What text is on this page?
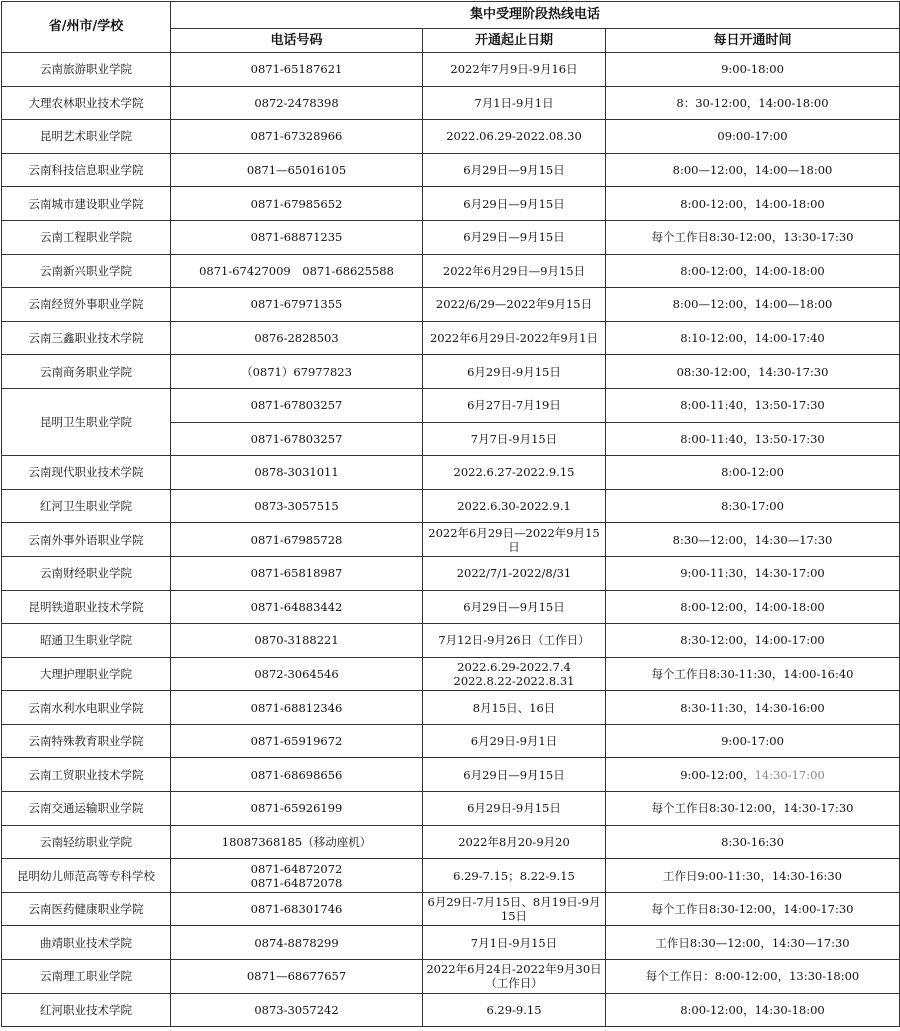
省/州市/学校	集中受理阶段热线电话		
	电话号码	开通起止日期	每日开通时间
云南旅游职业学院	0871-65187621	2022年7月9日-9月16日	9:00-18:00
大理农林职业技术学院	0872-2478398	7月1日-9月1日	8：30-12:00，14:00-18:00
昆明艺术职业学院	0871-67328966	2022.06.29-2022.08.30	09:00-17:00
云南科技信息职业学院	0871—65016105	6月29日—9月15日	8:00—12:00，14:00—18:00
云南城市建设职业学院	0871-67985652	6月29日—9月15日	8:00-12:00，14:00-18:00
云南工程职业学院	0871-68871235	6月29日—9月15日	每个工作日8:30-12:00，13:30-17:30
云南新兴职业学院	0871-67427009　0871-68625588	2022年6月29日—9月15日	8:00-12:00，14:00-18:00
云南经贸外事职业学院	0871-67971355	2022/6/29—2022年9月15日	8:00—12:00，14:00—18:00
云南三鑫职业技术学院	0876-2828503	2022年6月29日-2022年9月1日	8:10-12:00，14:00-17:40
云南商务职业学院	（0871）67977823	6月29日-9月15日	08:30-12:00，14:30-17:30
昆明卫生职业学院	0871-67803257	6月27日-7月19日	8:00-11:40，13:50-17:30
	0871-67803257	7月7日-9月15日	8:00-11:40，13:50-17:30
云南现代职业技术学院	0878-3031011	2022.6.27-2022.9.15	8:00-12:00
红河卫生职业学院	0873-3057515	2022.6.30-2022.9.1	8:30-17:00
云南外事外语职业学院	0871-67985728	2022年6月29日—2022年9月15日	8:30—12:00，14:30—17:30
云南财经职业学院	0871-65818987	2022/7/1-2022/8/31	9:00-11:30，14:30-17:00
昆明铁道职业技术学院	0871-64883442	6月29日—9月15日	8:00-12:00，14:00-18:00
昭通卫生职业学院	0870-3188221	7月12日-9月26日（工作日）	8:30-12:00，14:00-17:00
大理护理职业学院	0872-3064546	2022.6.29-2022.7.4
2022.8.22-2022.8.31	每个工作日8:30-11:30，14:00-16:40
云南水利水电职业学院	0871-68812346	8月15日、16日	8:30-11:30，14:30-16:00
云南特殊教育职业学院	0871-65919672	6月29日-9月1日	9:00-17:00
云南工贸职业技术学院	0871-68698656	6月29日—9月15日	9:00-12:00，14:30-17:00
云南交通运输职业学院	0871-65926199	6月29日-9月15日	每个工作日8:30-12:00，14:30-17:30
云南轻纺职业学院	18087368185（移动座机）	2022年8月20-9月20	8:30-16:30
昆明幼儿师范高等专科学校	0871-64872072
0871-64872078	6.29-7.15；8.22-9.15	工作日9:00-11:30，14:30-16:30
云南医药健康职业学院	0871-68301746	6月29日-7月15日、8月19日-9月15日	每个工作日8:30-12:00，14:00-17:30
曲靖职业技术学院	0874-8878299	7月1日-9月15日	工作日8:30—12:00，14:30—17:30
云南理工职业学院	0871—68677657	2022年6月24日-2022年9月30日（工作日）	每个工作日：8:00-12:00，13:30-18:00
红河职业技术学院	0873-3057242	6.29-9.15	8:00-12:00，14:30-18:00
